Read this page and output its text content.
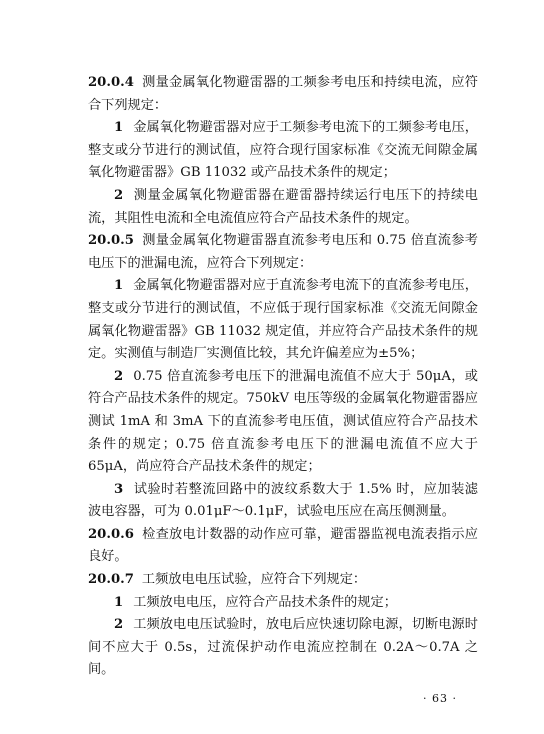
20.0.4 测量金属氧化物避雷器的工频参考电压和持续电流，应符合下列规定：

1 金属氧化物避雷器对应于工频参考电流下的工频参考电压，整支或分节进行的测试值，应符合现行国家标准《交流无间隙金属氧化物避雷器》GB 11032 或产品技术条件的规定；

2 测量金属氧化物避雷器在避雷器持续运行电压下的持续电流，其阻性电流和全电流值应符合产品技术条件的规定。

20.0.5 测量金属氧化物避雷器直流参考电压和 0.75 倍直流参考电压下的泄漏电流，应符合下列规定：

1 金属氧化物避雷器对应于直流参考电流下的直流参考电压，整支或分节进行的测试值，不应低于现行国家标准《交流无间隙金属氧化物避雷器》GB 11032 规定值，并应符合产品技术条件的规定。实测值与制造厂实测值比较，其允许偏差应为±5%；

2 0.75 倍直流参考电压下的泄漏电流值不应大于 50μA，或符合产品技术条件的规定。750kV 电压等级的金属氧化物避雷器应测试 1mA 和 3mA 下的直流参考电压值，测试值应符合产品技术条件的规定；0.75 倍直流参考电压下的泄漏电流值不应大于 65μA，尚应符合产品技术条件的规定；

3 试验时若整流回路中的波纹系数大于 1.5% 时，应加装滤波电容器，可为 0.01μF～0.1μF，试验电压应在高压侧测量。

20.0.6 检查放电计数器的动作应可靠，避雷器监视电流表指示应良好。

20.0.7 工频放电电压试验，应符合下列规定：

1 工频放电电压，应符合产品技术条件的规定；

2 工频放电电压试验时，放电后应快速切除电源，切断电源时间不应大于 0.5s，过流保护动作电流应控制在 0.2A～0.7A 之间。

· 63 ·
